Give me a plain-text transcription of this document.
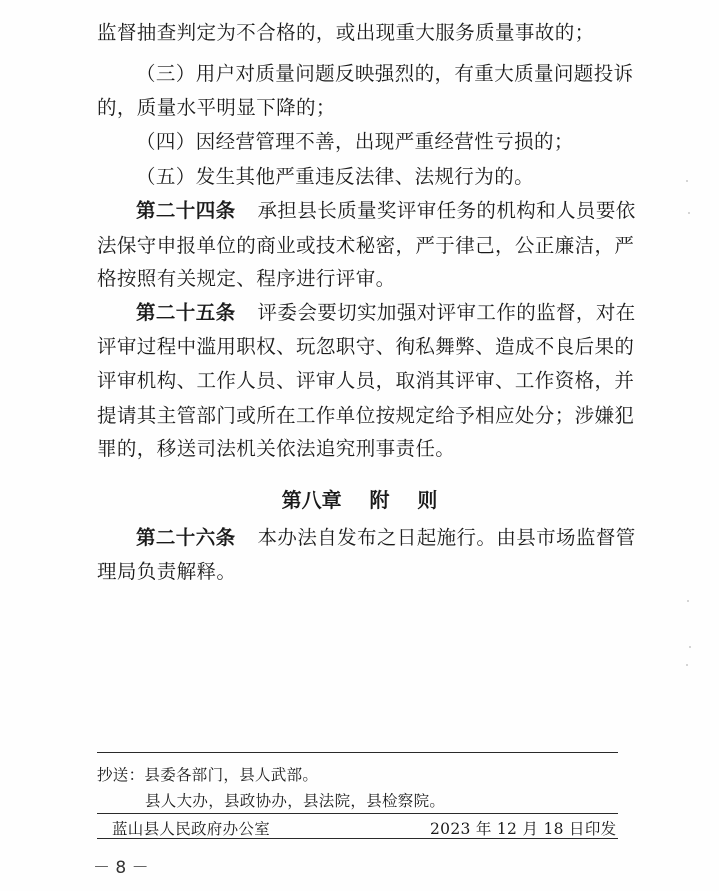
监督抽查判定为不合格的，或出现重大服务质量事故的；
（三）用户对质量问题反映强烈的，有重大质量问题投诉
的，质量水平明显下降的；
（四）因经营管理不善，出现严重经营性亏损的；
（五）发生其他严重违反法律、法规行为的。
第二十四条 承担县长质量奖评审任务的机构和人员要依
法保守申报单位的商业或技术秘密，严于律己，公正廉洁，严
格按照有关规定、程序进行评审。
第二十五条 评委会要切实加强对评审工作的监督，对在
评审过程中滥用职权、玩忽职守、徇私舞弊、造成不良后果的
评审机构、工作人员、评审人员，取消其评审、工作资格，并
提请其主管部门或所在工作单位按规定给予相应处分；涉嫌犯
罪的，移送司法机关依法追究刑事责任。
第八章    附    则
第二十六条 本办法自发布之日起施行。由县市场监督管
理局负责解释。
抄送：县委各部门，县人武部。
县人大办，县政协办，县法院，县检察院。
蓝山县人民政府办公室	2023 年 12 月 18 日印发
－ 8 －
